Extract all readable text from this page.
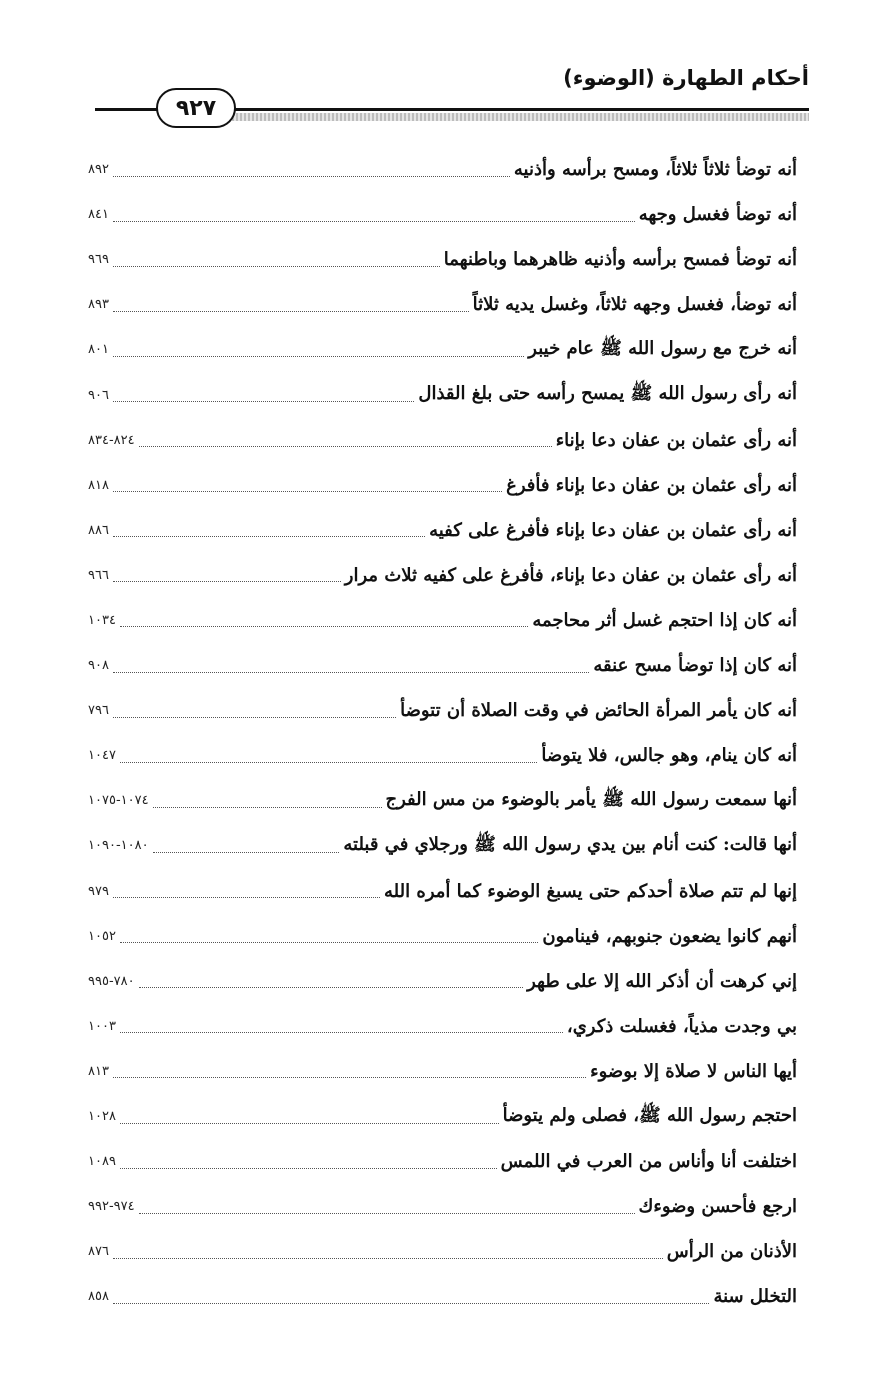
أحكام الطهارة (الوضوء)
٩٢٧
أنه توضأ ثلاثاً ثلاثاً، ومسح برأسه وأذنيه
٨٩٢
أنه توضأ فغسل وجهه
٨٤١
أنه توضأ فمسح برأسه وأذنيه ظاهرهما وباطنهما
٩٦٩
أنه توضأ، فغسل وجهه ثلاثاً، وغسل يديه ثلاثاً
٨٩٣
أنه خرج مع رسول الله ﷺ عام خيبر
٨٠١
أنه رأى رسول الله ﷺ يمسح رأسه حتى بلغ القذال
٩٠٦
أنه رأى عثمان بن عفان دعا بإناء
٨٢٤-٨٣٤
أنه رأى عثمان بن عفان دعا بإناء فأفرغ
٨١٨
أنه رأى عثمان بن عفان دعا بإناء فأفرغ على كفيه
٨٨٦
أنه رأى عثمان بن عفان دعا بإناء، فأفرغ على كفيه ثلاث مرار
٩٦٦
أنه كان إذا احتجم غسل أثر محاجمه
١٠٣٤
أنه كان إذا توضأ مسح عنقه
٩٠٨
أنه كان يأمر المرأة الحائض في وقت الصلاة أن تتوضأ
٧٩٦
أنه كان ينام، وهو جالس، فلا يتوضأ
١٠٤٧
أنها سمعت رسول الله ﷺ يأمر بالوضوء من مس الفرج
١٠٧٤-١٠٧٥
أنها قالت: كنت أنام بين يدي رسول الله ﷺ ورجلاي في قبلته
١٠٨٠-١٠٩٠
إنها لم تتم صلاة أحدكم حتى يسبغ الوضوء كما أمره الله
٩٧٩
أنهم كانوا يضعون جنوبهم، فينامون
١٠٥٢
إني كرهت أن أذكر الله إلا على طهر
٧٨٠-٩٩٥
بي وجدت مذياً، فغسلت ذكري،
١٠٠٣
أيها الناس لا صلاة إلا بوضوء
٨١٣
احتجم رسول الله ﷺ، فصلى ولم يتوضأ
١٠٢٨
اختلفت أنا وأناس من العرب في اللمس
١٠٨٩
ارجع فأحسن وضوءك
٩٧٤-٩٩٢
الأذنان من الرأس
٨٧٦
التخلل سنة
٨٥٨
